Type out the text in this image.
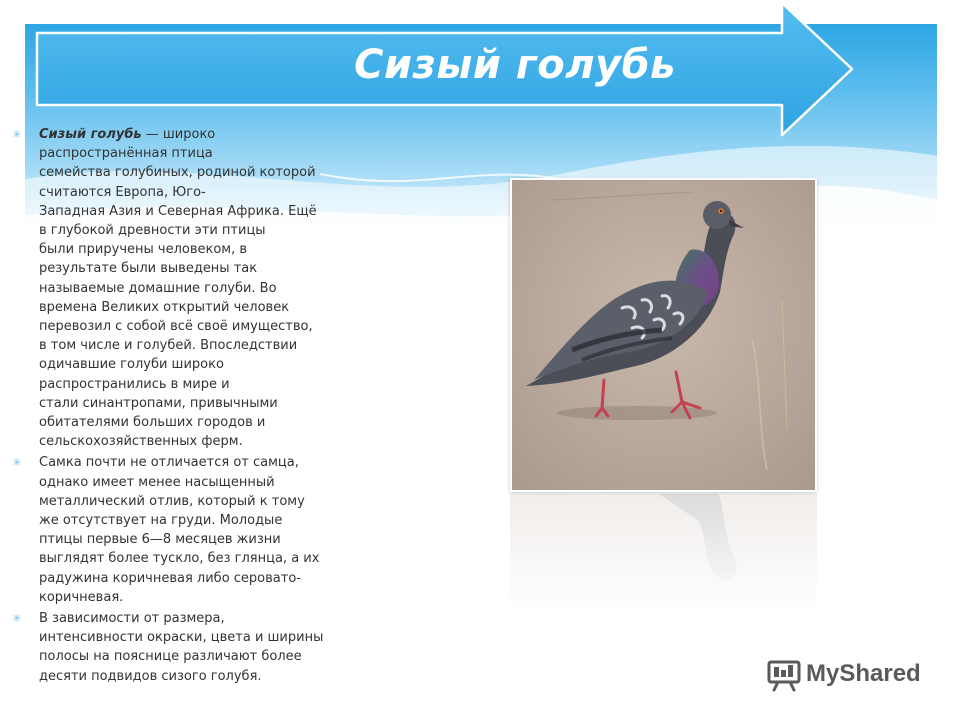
Сизый голубь
✳ Сизый голубь — широко
распространённая птица
семейства голубиных, родиной которой
считаются Европа, Юго-
Западная Азия и Северная Африка. Ещё
в глубокой древности эти птицы
были приручены человеком, в
результате были выведены так
называемые домашние голуби. Во
времена Великих открытий человек
перевозил с собой всё своё имущество,
в том числе и голубей. Впоследствии
одичавшие голуби широко
распространились в мире и
стали синантропами, привычными
обитателями больших городов и
сельскохозяйственных ферм.
✳ Самка почти не отличается от самца,
однако имеет менее насыщенный
металлический отлив, который к тому
же отсутствует на груди. Молодые
птицы первые 6—8 месяцев жизни
выглядят более тускло, без глянца, а их
радужина коричневая либо серовато-
коричневая.
✳ В зависимости от размера,
интенсивности окраски, цвета и ширины
полосы на пояснице различают более
десяти подвидов сизого голубя.	MyShared
